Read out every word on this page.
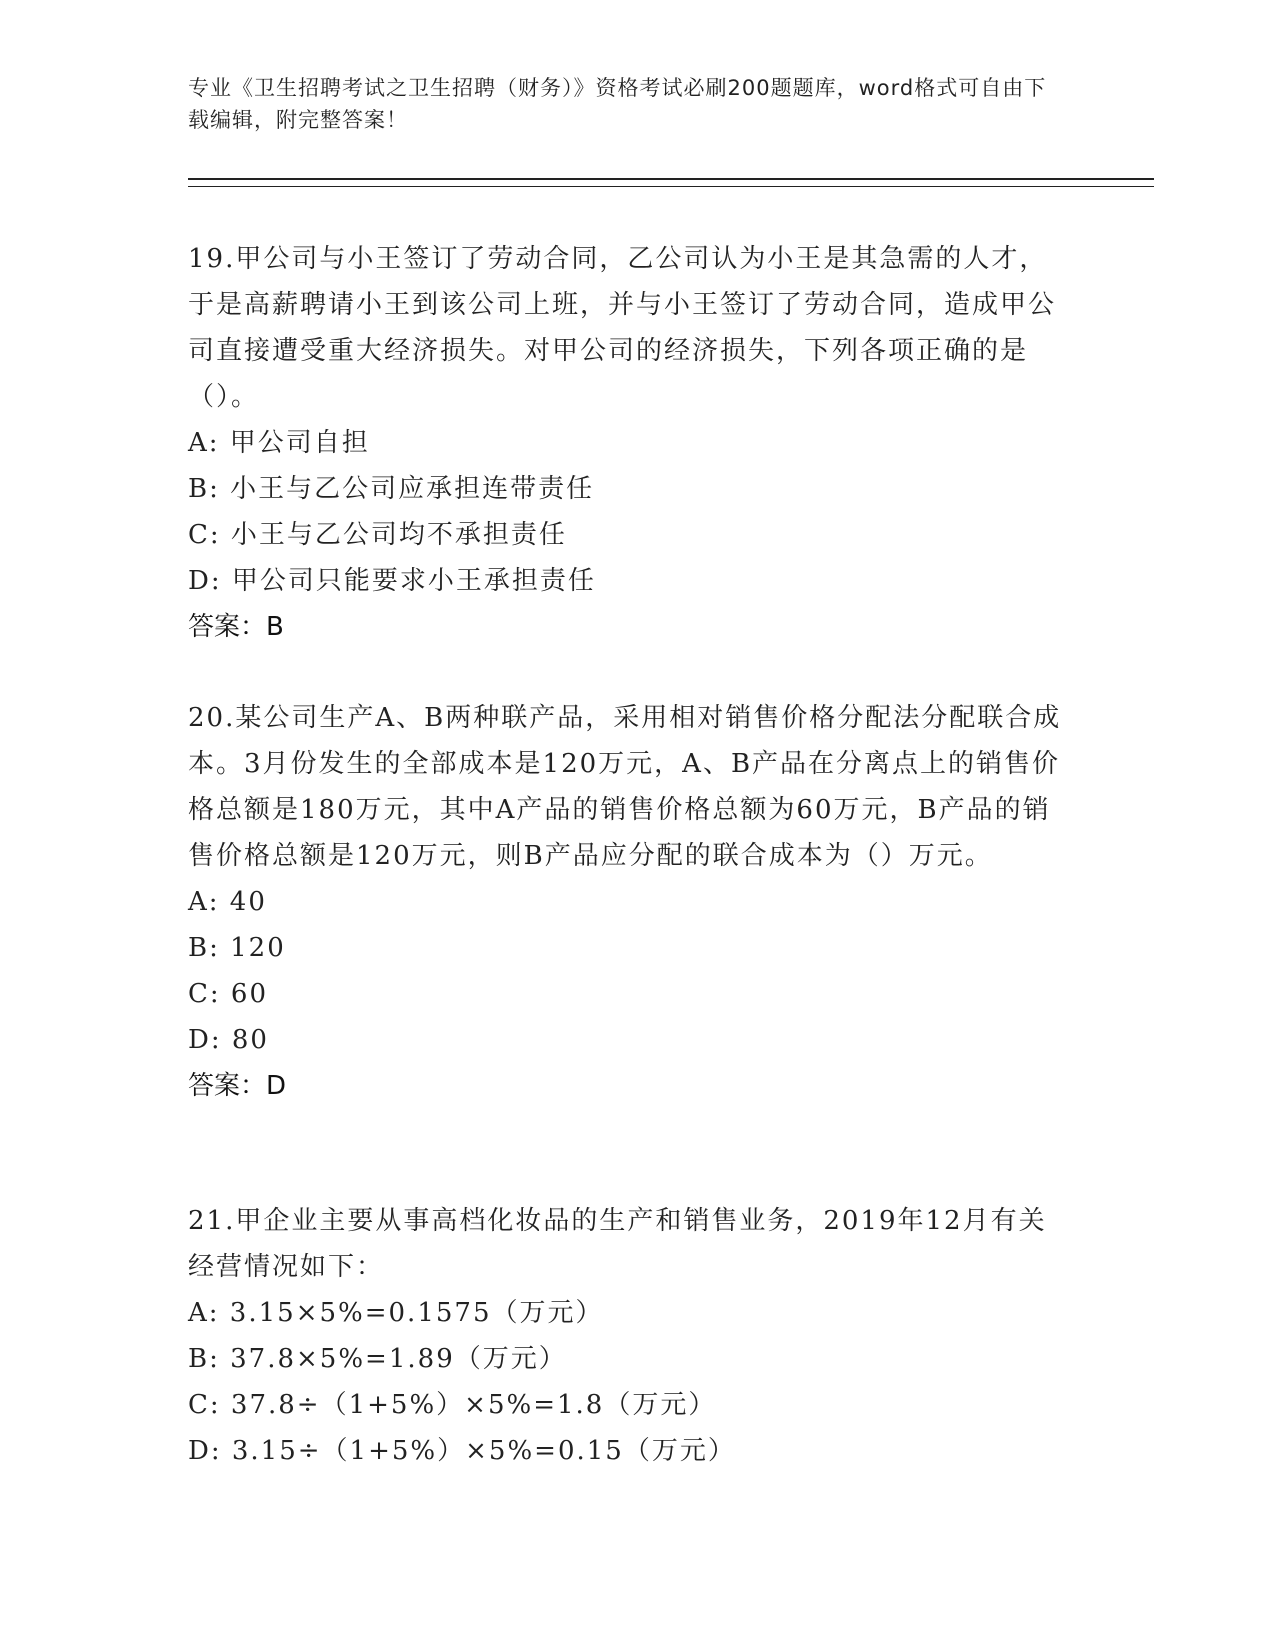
专业《卫生招聘考试之卫生招聘（财务）》资格考试必刷200题题库，word格式可自由下载编辑，附完整答案！

19.甲公司与小王签订了劳动合同，乙公司认为小王是其急需的人才，于是高薪聘请小王到该公司上班，并与小王签订了劳动合同，造成甲公司直接遭受重大经济损失。对甲公司的经济损失，下列各项正确的是（）。

A: 甲公司自担

B: 小王与乙公司应承担连带责任

C: 小王与乙公司均不承担责任

D: 甲公司只能要求小王承担责任

答案：B

20.某公司生产A、B两种联产品，采用相对销售价格分配法分配联合成本。3月份发生的全部成本是120万元，A、B产品在分离点上的销售价格总额是180万元，其中A产品的销售价格总额为60万元，B产品的销售价格总额是120万元，则B产品应分配的联合成本为（）万元。

A: 40

B: 120

C: 60

D: 80

答案：D

21.甲企业主要从事高档化妆品的生产和销售业务，2019年12月有关经营情况如下：

A: 3.15×5%=0.1575（万元）

B: 37.8×5%=1.89（万元）

C: 37.8÷（1+5%）×5%=1.8（万元）

D: 3.15÷（1+5%）×5%=0.15（万元）
